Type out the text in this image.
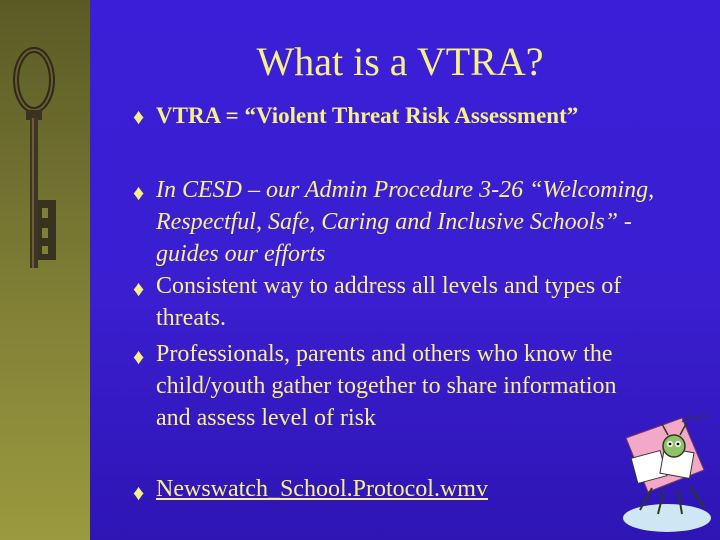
What is a VTRA?
♦ VTRA = “Violent Threat Risk Assessment”
♦ In CESD – our Admin Procedure 3-26 “Welcoming, Respectful, Safe, Caring and Inclusive Schools” - guides our efforts
♦ Consistent way to address all levels and types of threats.
♦ Professionals, parents and others who know the child/youth gather together to share information and assess level of risk
♦ Newswatch_School.Protocol.wmv
